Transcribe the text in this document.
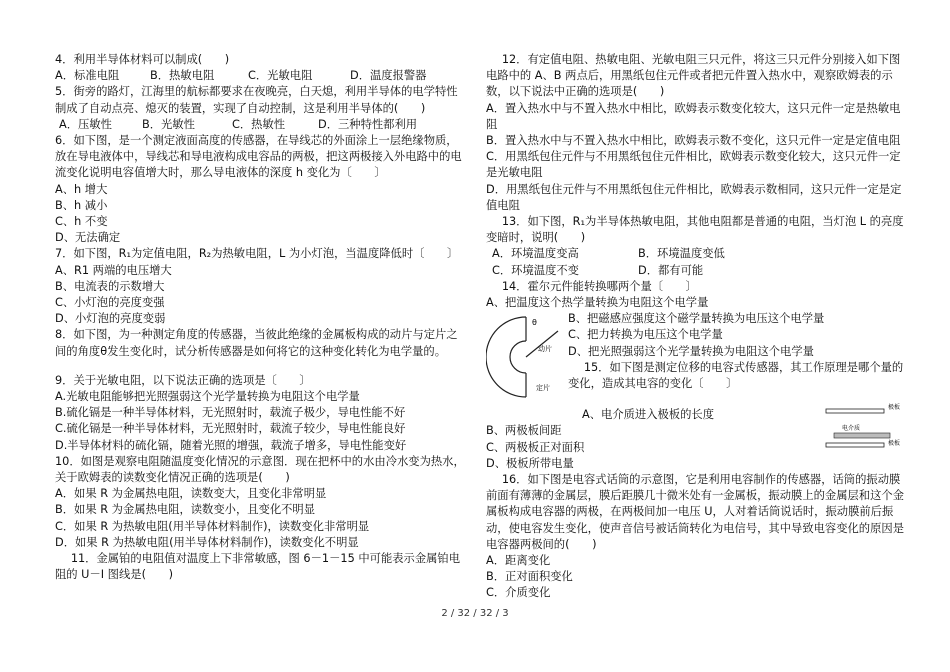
4．利用半导体材料可以制成(　　)

A．标准电阻	B．热敏电阻	C．光敏电阻	D．温度报警器

5．街旁的路灯，江海里的航标都要求在夜晚亮，白天熄，利用半导体的电学特性制成了自动点亮、熄灭的装置，实现了自动控制，这是利用半导体的(　　)

A．压敏性	B．光敏性	C．热敏性	D．三种特性都利用

6．如下图，是一个测定液面高度的传感器，在导线芯的外面涂上一层绝缘物质，放在导电液体中，导线芯和导电液构成电容品的两极，把这两极接入外电路中的电流变化说明电容值增大时，那么导电液体的深度 h 变化为〔　　〕

A、h 增大

B、h 减小

C、h 不变

D、无法确定

7．如下图，R₁为定值电阻，R₂为热敏电阻，L 为小灯泡，当温度降低时〔　　〕

A、R1 两端的电压增大

B、电流表的示数增大

C、小灯泡的亮度变强

D、小灯泡的亮度变弱

8．如下图，为一种测定角度的传感器，当彼此绝缘的金属板构成的动片与定片之间的角度θ发生变化时，试分析传感器是如何将它的这种变化转化为电学量的。

9．关于光敏电阻，以下说法正确的选项是〔　　〕

A.光敏电阻能够把光照强弱这个光学量转换为电阻这个电学量

B.硫化镉是一种半导体材料，无光照射时，载流子极少，导电性能不好

C.硫化镉是一种半导体材料，无光照射时，载流子较少，导电性能良好

D.半导体材料的硫化镉，随着光照的增强，载流子增多，导电性能变好

10．如图是观察电阻随温度变化情况的示意图．现在把杯中的水由冷水变为热水，关于欧姆表的读数变化情况正确的选项是(　　)

A．如果 R 为金属热电阻，读数变大，且变化非常明显

B．如果 R 为金属热电阻，读数变小，且变化不明显

C．如果 R 为热敏电阻(用半导体材料制作)，读数变化非常明显

D．如果 R 为热敏电阻(用半导体材料制作)，读数变化不明显

11．金属铂的电阻值对温度上下非常敏感，图 6－1－15 中可能表示金属铂电阻的 U－I 图线是(　　)

12．有定值电阻、热敏电阻、光敏电阻三只元件，将这三只元件分别接入如下图电路中的 A、B 两点后，用黑纸包住元件或者把元件置入热水中，观察欧姆表的示数，以下说法中正确的选项是(　　)

A．置入热水中与不置入热水中相比，欧姆表示数变化较大，这只元件一定是热敏电阻

B．置入热水中与不置入热水中相比，欧姆表示数不变化，这只元件一定是定值电阻

C．用黑纸包住元件与不用黑纸包住元件相比，欧姆表示数变化较大，这只元件一定是光敏电阻

D．用黑纸包住元件与不用黑纸包住元件相比，欧姆表示数相同，这只元件一定是定值电阻

13．如下图，R₁为半导体热敏电阻，其他电阻都是普通的电阻，当灯泡 L 的亮度变暗时，说明(　　)

A．环境温度变高	B．环境温度变低
C．环境温度不变	D．都有可能

14．霍尔元件能转换哪两个量〔　　〕

A、把温度这个热学量转换为电阻这个电学量

θ
动片
定片

B、把磁感应强度这个磁学量转换为电压这个电学量

C、把力转换为电压这个电学量

D、把光照强弱这个光学量转换为电阻这个电学量

15．如下图是测定位移的电容式传感器，其工作原理是哪个量的变化，造成其电容的变化〔　　〕

A、电介质进入极板的长度

B、两极板间距

C、两极板正对面积

D、极板所带电量

极板
电介质
极板

16．如下图是电容式话筒的示意图，它是利用电容制作的传感器，话筒的振动膜前面有薄薄的金属层，膜后距膜几十微米处有一金属板，振动膜上的金属层和这个金属板构成电容器的两极，在两极间加一电压 U，人对着话筒说话时，振动膜前后振动，使电容发生变化，使声音信号被话筒转化为电信号，其中导致电容变化的原因是电容器两极间的(　　)

A．距离变化

B．正对面积变化

C．介质变化

2 / 32 / 32 / 3
